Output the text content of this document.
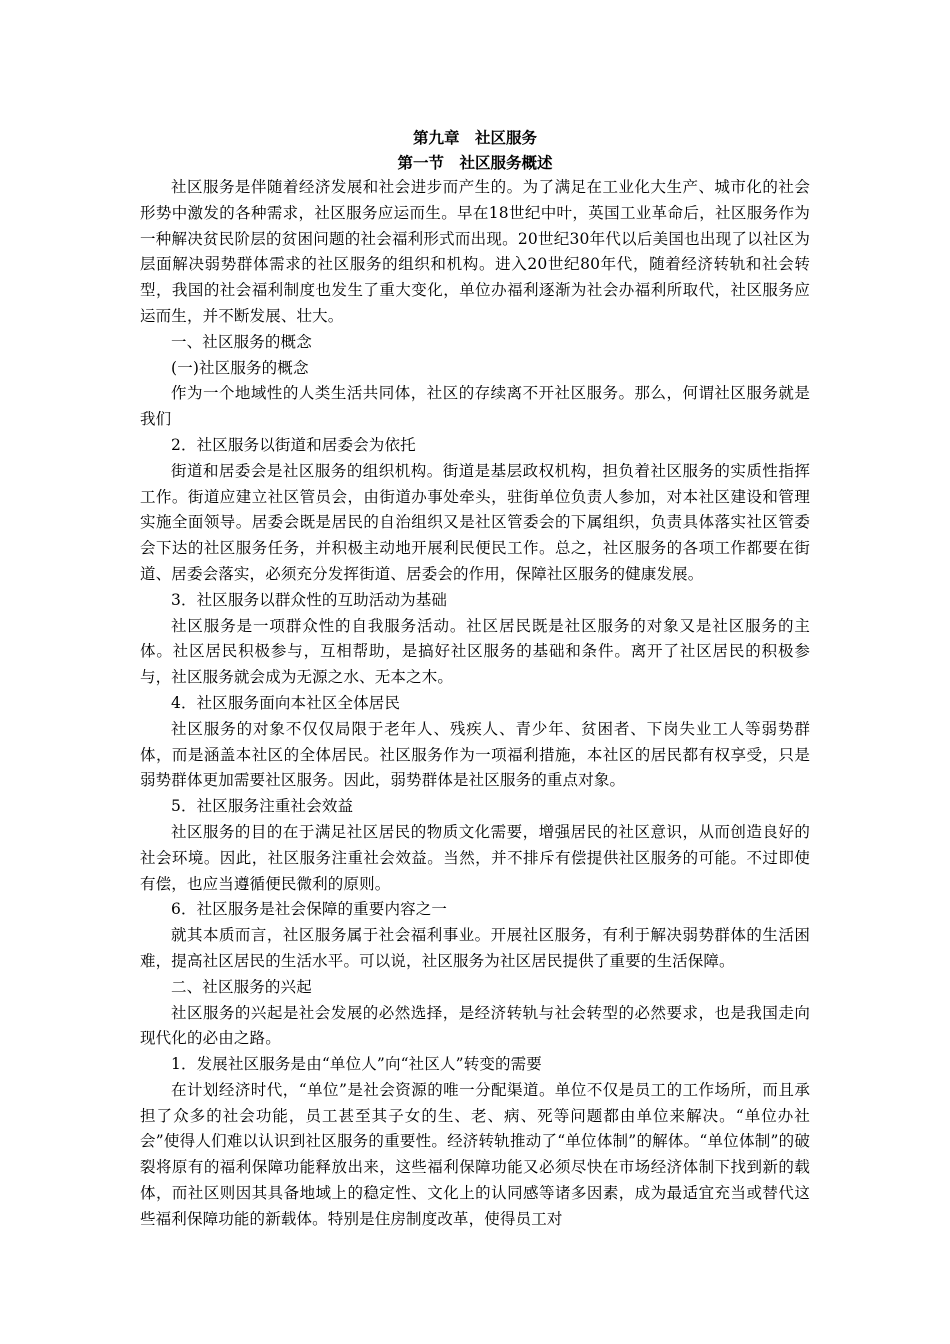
第九章　社区服务
第一节　社区服务概述

社区服务是伴随着经济发展和社会进步而产生的。为了满足在工业化大生产、城市化的社会形势中激发的各种需求，社区服务应运而生。早在18世纪中叶，英国工业革命后，社区服务作为一种解决贫民阶层的贫困问题的社会福利形式而出现。20世纪30年代以后美国也出现了以社区为层面解决弱势群体需求的社区服务的组织和机构。进入20世纪80年代，随着经济转轨和社会转型，我国的社会福利制度也发生了重大变化，单位办福利逐渐为社会办福利所取代，社区服务应运而生，并不断发展、壮大。

一、社区服务的概念

(一)社区服务的概念

作为一个地域性的人类生活共同体，社区的存续离不开社区服务。那么，何谓社区服务就是我们

2．社区服务以街道和居委会为依托

街道和居委会是社区服务的组织机构。街道是基层政权机构，担负着社区服务的实质性指挥工作。街道应建立社区管员会，由街道办事处牵头，驻街单位负责人参加，对本社区建设和管理实施全面领导。居委会既是居民的自治组织又是社区管委会的下属组织，负责具体落实社区管委会下达的社区服务任务，并积极主动地开展利民便民工作。总之，社区服务的各项工作都要在街道、居委会落实，必须充分发挥街道、居委会的作用，保障社区服务的健康发展。

3．社区服务以群众性的互助活动为基础

社区服务是一项群众性的自我服务活动。社区居民既是社区服务的对象又是社区服务的主体。社区居民积极参与，互相帮助，是搞好社区服务的基础和条件。离开了社区居民的积极参与，社区服务就会成为无源之水、无本之木。

4．社区服务面向本社区全体居民

社区服务的对象不仅仅局限于老年人、残疾人、青少年、贫困者、下岗失业工人等弱势群体，而是涵盖本社区的全体居民。社区服务作为一项福利措施，本社区的居民都有权享受，只是弱势群体更加需要社区服务。因此，弱势群体是社区服务的重点对象。

5．社区服务注重社会效益

社区服务的目的在于满足社区居民的物质文化需要，增强居民的社区意识，从而创造良好的社会环境。因此，社区服务注重社会效益。当然，并不排斥有偿提供社区服务的可能。不过即使有偿，也应当遵循便民微利的原则。

6．社区服务是社会保障的重要内容之一

就其本质而言，社区服务属于社会福利事业。开展社区服务，有利于解决弱势群体的生活困难，提高社区居民的生活水平。可以说，社区服务为社区居民提供了重要的生活保障。

二、社区服务的兴起

社区服务的兴起是社会发展的必然选择，是经济转轨与社会转型的必然要求，也是我国走向现代化的必由之路。

1．发展社区服务是由“单位人”向“社区人”转变的需要

在计划经济时代，“单位”是社会资源的唯一分配渠道。单位不仅是员工的工作场所，而且承担了众多的社会功能，员工甚至其子女的生、老、病、死等问题都由单位来解决。“单位办社会”使得人们难以认识到社区服务的重要性。经济转轨推动了“单位体制”的解体。“单位体制”的破裂将原有的福利保障功能释放出来，这些福利保障功能又必须尽快在市场经济体制下找到新的载体，而社区则因其具备地域上的稳定性、文化上的认同感等诸多因素，成为最适宜充当或替代这些福利保障功能的新载体。特别是住房制度改革，使得员工对
